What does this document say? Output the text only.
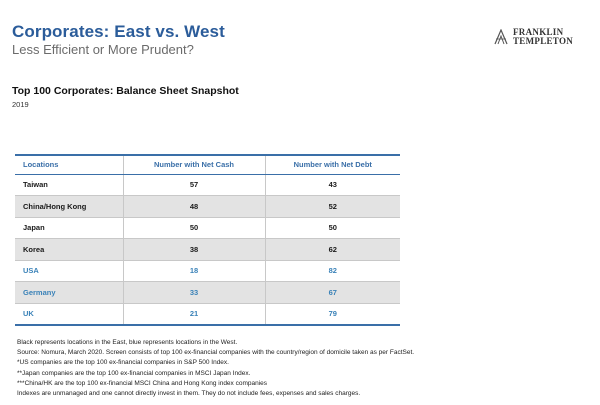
Corporates: East vs. West
Less Efficient or More Prudent?
FRANKLIN
TEMPLETON
Top 100 Corporates: Balance Sheet Snapshot
2019
Locations	Number with Net Cash	Number with Net Debt
Taiwan	57	43
China/Hong Kong	48	52
Japan	50	50
Korea	38	62
USA	18	82
Germany	33	67
UK	21	79
Black represents locations in the East, blue represents locations in the West.
Source: Nomura, March 2020. Screen consists of top 100 ex-financial companies with the country/region of domicile taken as per FactSet.
*US companies are the top 100 ex-financial companies in S&P 500 Index.
**Japan companies are the top 100 ex-financial companies in MSCI Japan Index.
***China/HK are the top 100 ex-financial MSCI China and Hong Kong index companies
Indexes are unmanaged and one cannot directly invest in them. They do not include fees, expenses and sales charges.
